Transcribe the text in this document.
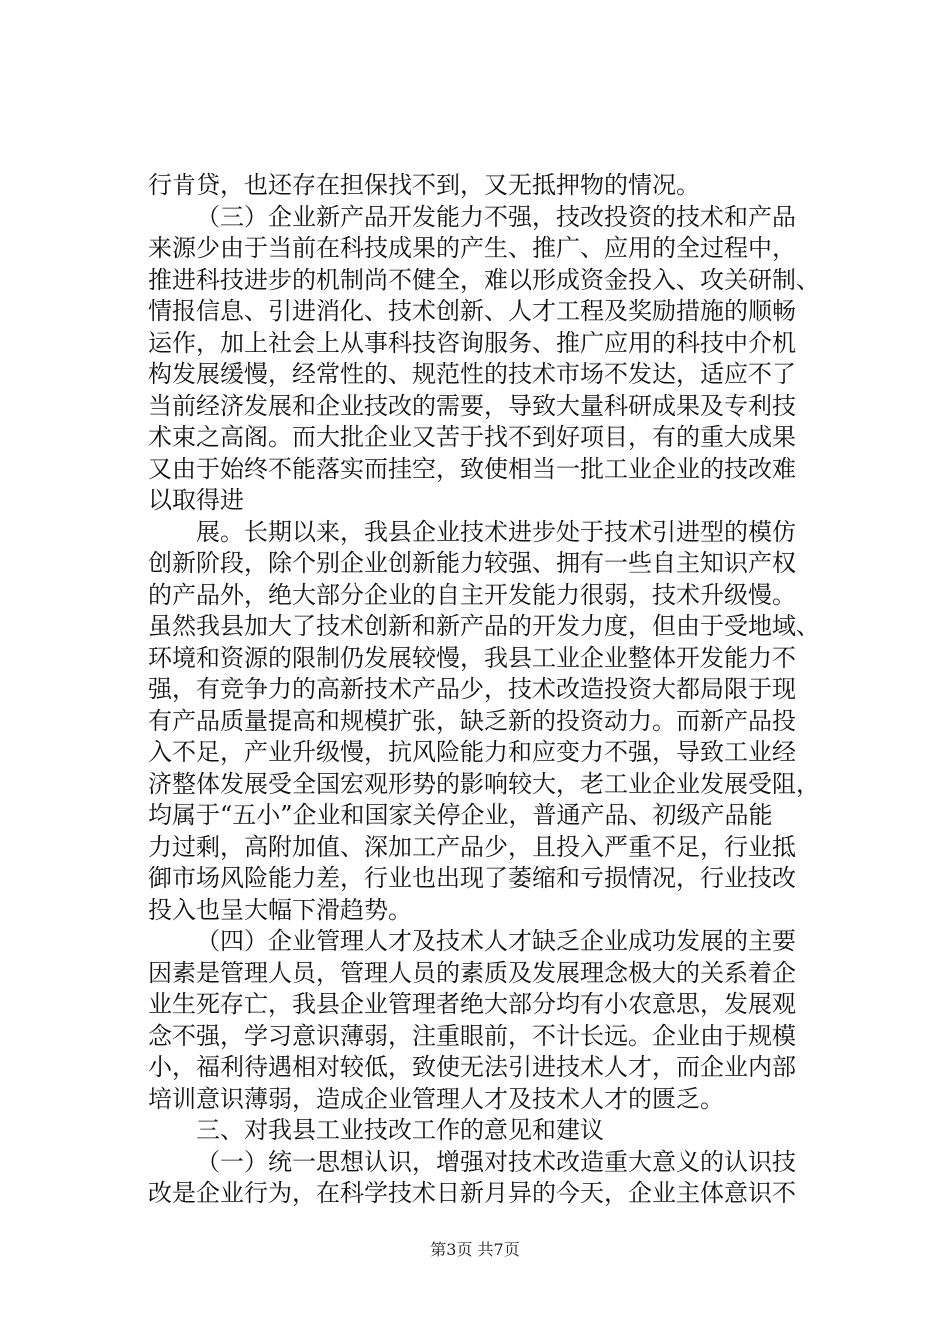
行肯贷，也还存在担保找不到，又无抵押物的情况。
（三）企业新产品开发能力不强，技改投资的技术和产品
来源少由于当前在科技成果的产生、推广、应用的全过程中，
推进科技进步的机制尚不健全，难以形成资金投入、攻关研制、
情报信息、引进消化、技术创新、人才工程及奖励措施的顺畅
运作，加上社会上从事科技咨询服务、推广应用的科技中介机
构发展缓慢，经常性的、规范性的技术市场不发达，适应不了
当前经济发展和企业技改的需要，导致大量科研成果及专利技
术束之高阁。而大批企业又苦于找不到好项目，有的重大成果
又由于始终不能落实而挂空，致使相当一批工业企业的技改难
以取得进
展。长期以来，我县企业技术进步处于技术引进型的模仿
创新阶段，除个别企业创新能力较强、拥有一些自主知识产权
的产品外，绝大部分企业的自主开发能力很弱，技术升级慢。
虽然我县加大了技术创新和新产品的开发力度，但由于受地域、
环境和资源的限制仍发展较慢，我县工业企业整体开发能力不
强，有竞争力的高新技术产品少，技术改造投资大都局限于现
有产品质量提高和规模扩张，缺乏新的投资动力。而新产品投
入不足，产业升级慢，抗风险能力和应变力不强，导致工业经
济整体发展受全国宏观形势的影响较大，老工业企业发展受阻，
均属于“五小”企业和国家关停企业，普通产品、初级产品能
力过剩，高附加值、深加工产品少，且投入严重不足，行业抵
御市场风险能力差，行业也出现了萎缩和亏损情况，行业技改
投入也呈大幅下滑趋势。
（四）企业管理人才及技术人才缺乏企业成功发展的主要
因素是管理人员，管理人员的素质及发展理念极大的关系着企
业生死存亡，我县企业管理者绝大部分均有小农意思，发展观
念不强，学习意识薄弱，注重眼前，不计长远。企业由于规模
小，福利待遇相对较低，致使无法引进技术人才，而企业内部
培训意识薄弱，造成企业管理人才及技术人才的匮乏。
三、对我县工业技改工作的意见和建议
（一）统一思想认识，增强对技术改造重大意义的认识技
改是企业行为，在科学技术日新月异的今天，企业主体意识不
第3页 共7页
